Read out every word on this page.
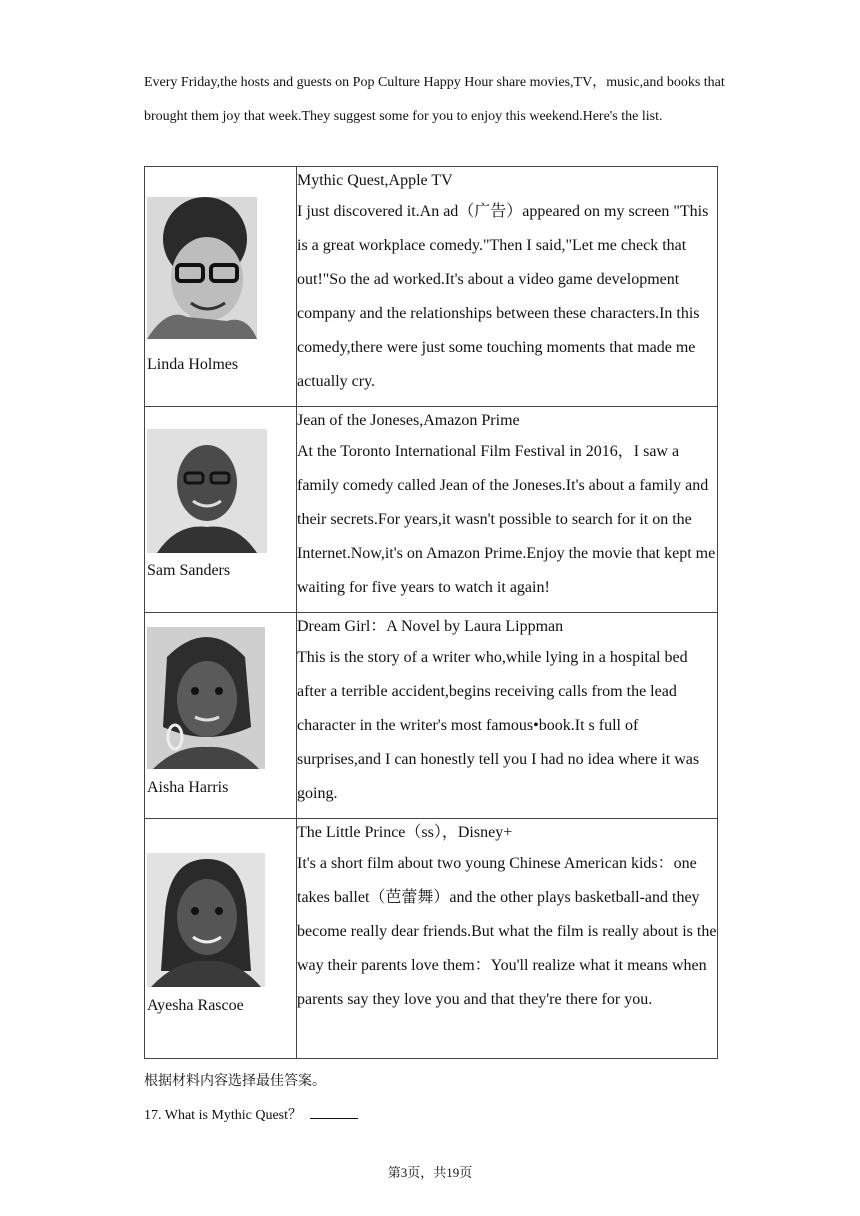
Every Friday,the hosts and guests on Pop Culture Happy Hour share movies,TV，music,and books that brought them joy that week.They suggest some for you to enjoy this weekend.Here's the list.
Linda Holmes	Mythic Quest,Apple TV
I just discovered it.An ad（广告）appeared on my screen "This is a great workplace comedy."Then I said,"Let me check that out!"So the ad worked.It's about a video game development company and the relationships between these characters.In this comedy,there were just some touching moments that made me actually cry.

Sam Sanders	Jean of the Joneses,Amazon Prime
At the Toronto International Film Festival in 2016，I saw a family comedy called Jean of the Joneses.It's about a family and their secrets.For years,it wasn't possible to search for it on the Internet.Now,it's on Amazon Prime.Enjoy the movie that kept me waiting for five years to watch it again!

Aisha Harris	Dream Girl：A Novel by Laura Lippman
This is the story of a writer who,while lying in a hospital bed after a terrible accident,begins receiving calls from the lead character in the writer's most famous•book.It s full of surprises,and I can honestly tell you I had no idea where it was going.

Ayesha Rascoe	The Little Prince（ss），Disney+
It's a short film about two young Chinese American kids：one takes ballet（芭蕾舞）and the other plays basketball-and they become really dear friends.But what the film is really about is the way their parents love them：You'll realize what it means when parents say they love you and that they're there for you.
根据材料内容选择最佳答案。
17. What is Mythic Quest？
第3页，共19页
